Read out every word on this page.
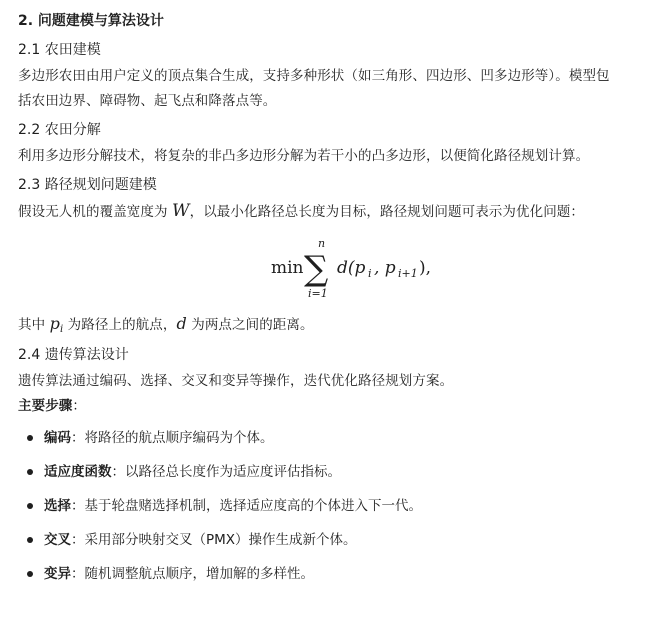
2. 问题建模与算法设计
2.1 农田建模
多边形农田由用户定义的顶点集合生成，支持多种形状（如三角形、四边形、凹多边形等）。模型包
括农田边界、障碍物、起飞点和降落点等。
2.2 农田分解
利用多边形分解技术，将复杂的非凸多边形分解为若干小的凸多边形，以便简化路径规划计算。
2.3 路径规划问题建模
假设无人机的覆盖宽度为 W，以最小化路径总长度为目标，路径规划问题可表示为优化问题：
min
n
∑
i=1
d(p i , p i+1 ),
其中 $p_i$ 为路径上的航点，d 为两点之间的距离。
2.4 遗传算法设计
遗传算法通过编码、选择、交叉和变异等操作，迭代优化路径规划方案。
主要步骤：
编码：将路径的航点顺序编码为个体。
适应度函数：以路径总长度作为适应度评估指标。
选择：基于轮盘赌选择机制，选择适应度高的个体进入下一代。
交叉：采用部分映射交叉（PMX）操作生成新个体。
变异：随机调整航点顺序，增加解的多样性。
